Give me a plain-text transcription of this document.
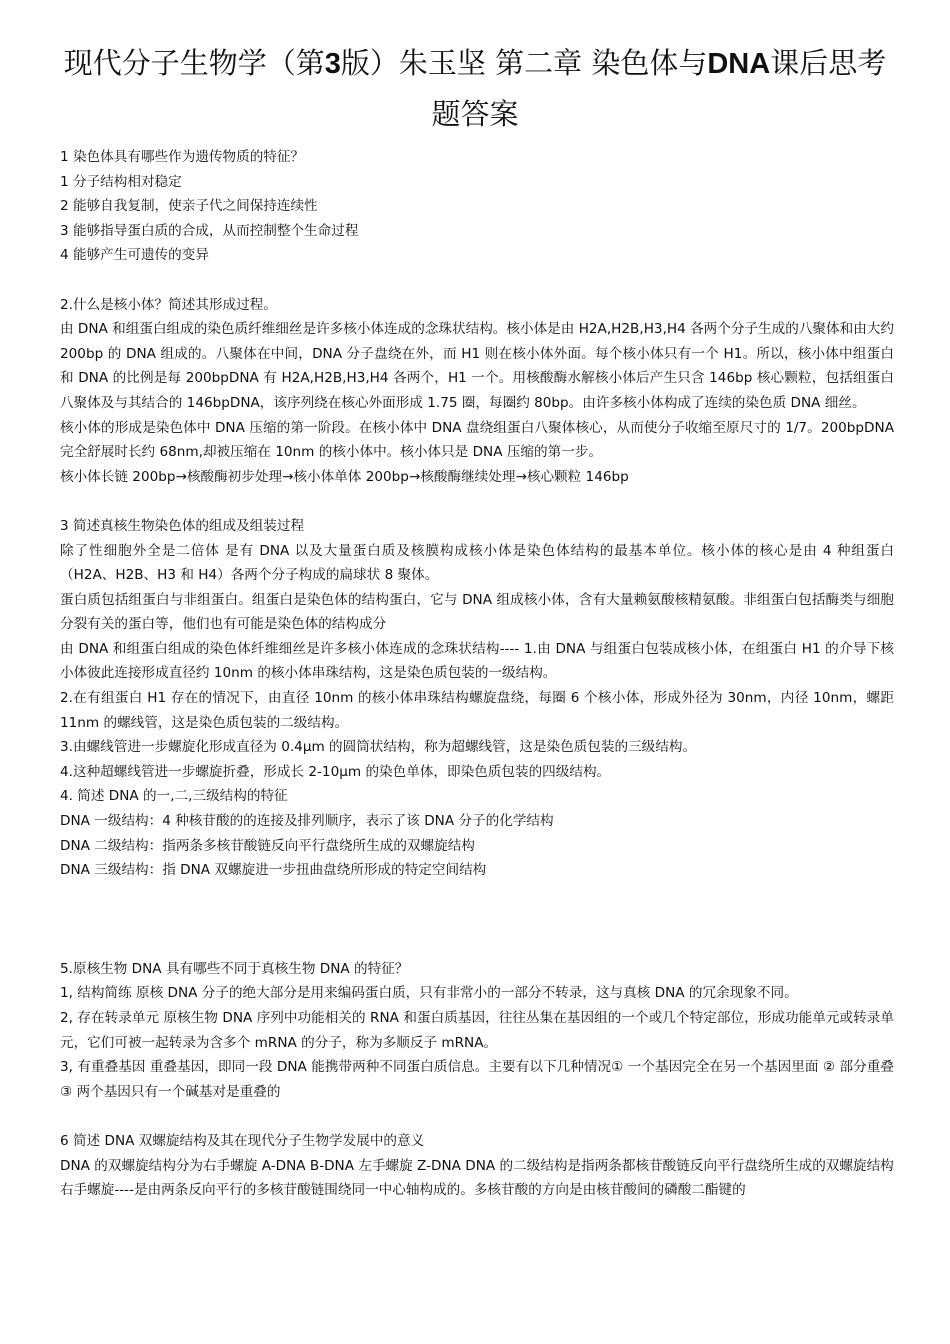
现代分子生物学（第3版）朱玉坚 第二章 染色体与DNA课后思考
题答案

1 染色体具有哪些作为遗传物质的特征？

1 分子结构相对稳定

2 能够自我复制，使亲子代之间保持连续性

3 能够指导蛋白质的合成，从而控制整个生命过程

4 能够产生可遗传的变异

2.什么是核小体？简述其形成过程。

由 DNA 和组蛋白组成的染色质纤维细丝是许多核小体连成的念珠状结构。核小体是由 H2A,H2B,H3,H4 各两个分子生成的八聚体和由大约 200bp 的 DNA 组成的。八聚体在中间，DNA 分子盘绕在外，而 H1 则在核小体外面。每个核小体只有一个 H1。所以，核小体中组蛋白和 DNA 的比例是每 200bpDNA 有 H2A,H2B,H3,H4 各两个，H1 一个。用核酸酶水解核小体后产生只含 146bp 核心颗粒，包括组蛋白八聚体及与其结合的 146bpDNA，该序列绕在核心外面形成 1.75 圈，每圈约 80bp。由许多核小体构成了连续的染色质 DNA 细丝。

核小体的形成是染色体中 DNA 压缩的第一阶段。在核小体中 DNA 盘绕组蛋白八聚体核心，从而使分子收缩至原尺寸的 1/7。200bpDNA 完全舒展时长约 68nm,却被压缩在 10nm 的核小体中。核小体只是 DNA 压缩的第一步。

核小体长链 200bp→核酸酶初步处理→核小体单体 200bp→核酸酶继续处理→核心颗粒 146bp

3 简述真核生物染色体的组成及组装过程

除了性细胞外全是二倍体 是有 DNA 以及大量蛋白质及核膜构成核小体是染色体结构的最基本单位。核小体的核心是由 4 种组蛋白（H2A、H2B、H3 和 H4）各两个分子构成的扁球状 8 聚体。

蛋白质包括组蛋白与非组蛋白。组蛋白是染色体的结构蛋白，它与 DNA 组成核小体，含有大量赖氨酸核精氨酸。非组蛋白包括酶类与细胞分裂有关的蛋白等，他们也有可能是染色体的结构成分

由 DNA 和组蛋白组成的染色体纤维细丝是许多核小体连成的念珠状结构---- 1.由 DNA 与组蛋白包装成核小体，在组蛋白 H1 的介导下核小体彼此连接形成直径约 10nm 的核小体串珠结构，这是染色质包装的一级结构。

2.在有组蛋白 H1 存在的情况下，由直径 10nm 的核小体串珠结构螺旋盘绕，每圈 6 个核小体，形成外径为 30nm，内径 10nm，螺距 11nm 的螺线管，这是染色质包装的二级结构。

3.由螺线管进一步螺旋化形成直径为 0.4μm 的圆筒状结构，称为超螺线管，这是染色质包装的三级结构。

4.这种超螺线管进一步螺旋折叠，形成长 2-10μm 的染色单体，即染色质包装的四级结构。

4. 简述 DNA 的一,二,三级结构的特征

DNA 一级结构：4 种核苷酸的的连接及排列顺序，表示了该 DNA 分子的化学结构

DNA 二级结构：指两条多核苷酸链反向平行盘绕所生成的双螺旋结构

DNA 三级结构：指 DNA 双螺旋进一步扭曲盘绕所形成的特定空间结构

5.原核生物 DNA 具有哪些不同于真核生物 DNA 的特征？

1, 结构简练 原核 DNA 分子的绝大部分是用来编码蛋白质，只有非常小的一部分不转录，这与真核 DNA 的冗余现象不同。

2, 存在转录单元 原核生物 DNA 序列中功能相关的 RNA 和蛋白质基因，往往丛集在基因组的一个或几个特定部位，形成功能单元或转录单元，它们可被一起转录为含多个 mRNA 的分子，称为多顺反子 mRNA。

3, 有重叠基因 重叠基因，即同一段 DNA 能携带两种不同蛋白质信息。主要有以下几种情况① 一个基因完全在另一个基因里面 ② 部分重叠 ③ 两个基因只有一个碱基对是重叠的

6 简述 DNA 双螺旋结构及其在现代分子生物学发展中的意义

DNA 的双螺旋结构分为右手螺旋 A-DNA B-DNA 左手螺旋 Z-DNA DNA 的二级结构是指两条都核苷酸链反向平行盘绕所生成的双螺旋结构

右手螺旋----是由两条反向平行的多核苷酸链围绕同一中心轴构成的。多核苷酸的方向是由核苷酸间的磷酸二酯键的
